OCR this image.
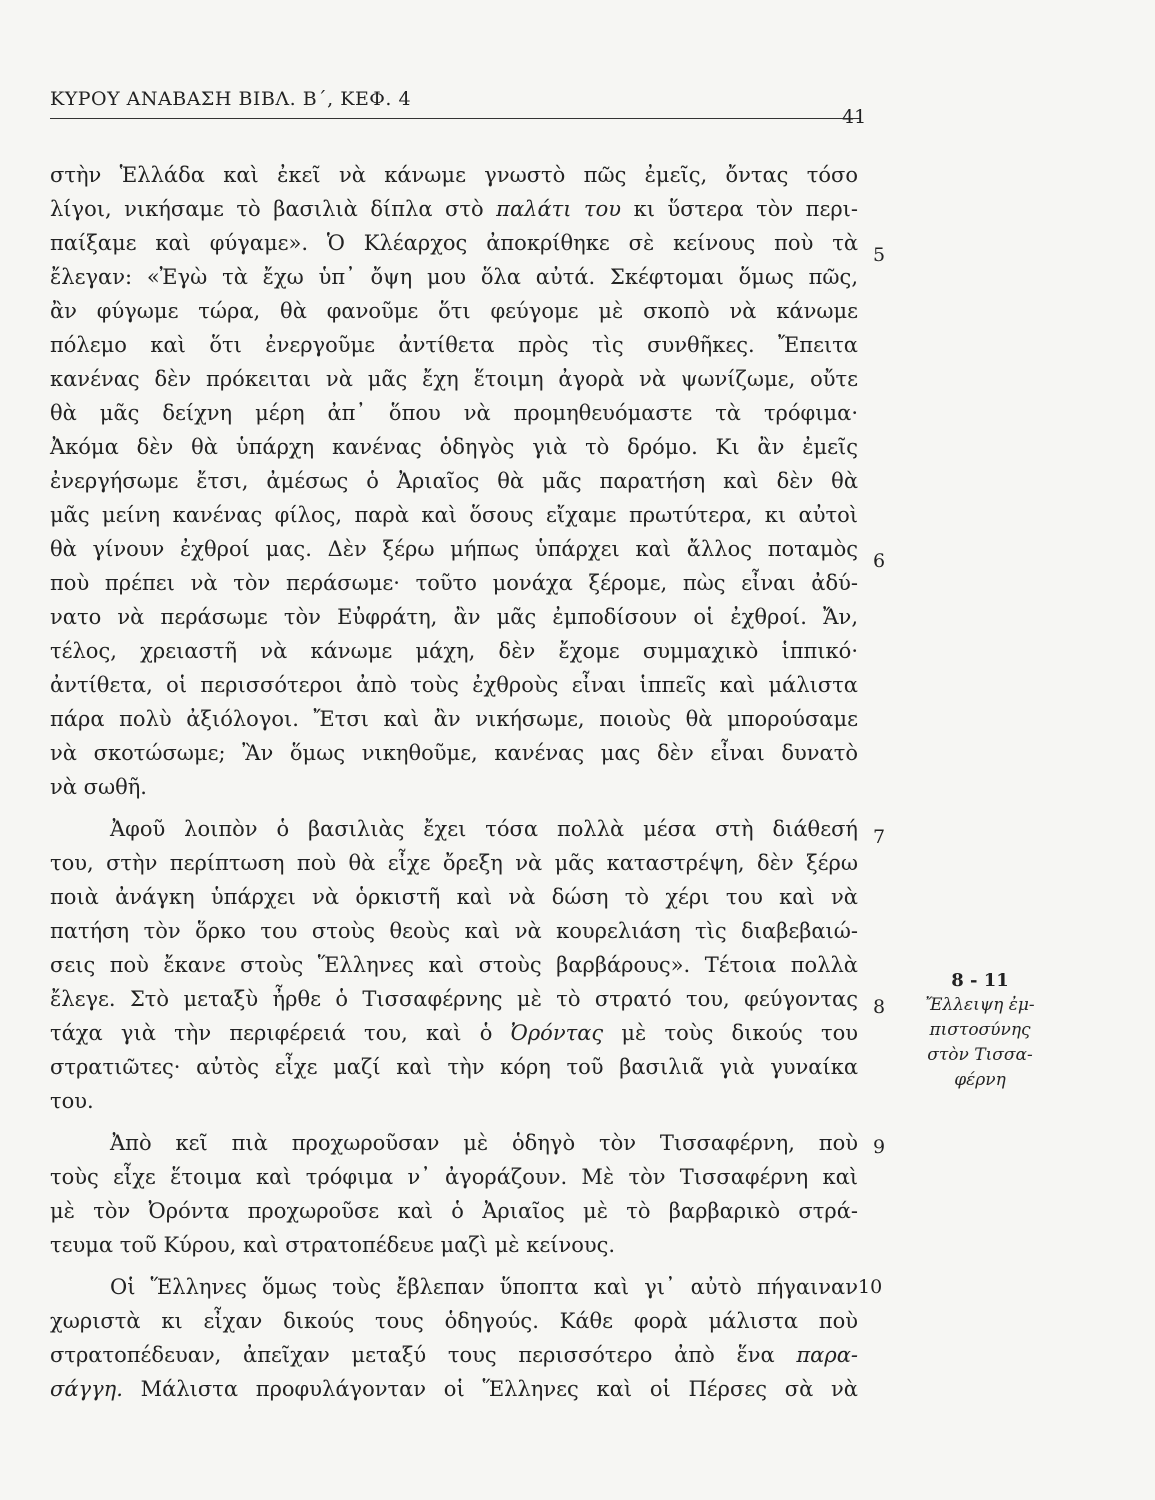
ΚΥΡΟΥ ΑΝΑΒΑΣΗ ΒΙΒΛ. Β΄, ΚΕΦ. 4
41
στὴν Ἑλλάδα καὶ ἐκεῖ νὰ κάνωμε γνωστὸ πῶς ἐμεῖς, ὄντας τόσο
λίγοι, νικήσαμε τὸ βασιλιὰ δίπλα στὸ παλάτι του κι ὕστερα τὸν περι-
παίξαμε καὶ φύγαμε». Ὁ Κλέαρχος ἀποκρίθηκε σὲ κείνους ποὺ τὰ
ἔλεγαν: «Ἐγὼ τὰ ἔχω ὑπ᾽ ὄψη μου ὅλα αὐτά. Σκέφτομαι ὅμως πῶς,
ἂν φύγωμε τώρα, θὰ φανοῦμε ὅτι φεύγομε μὲ σκοπὸ νὰ κάνωμε
πόλεμο καὶ ὅτι ἐνεργοῦμε ἀντίθετα πρὸς τὶς συνθῆκες. Ἔπειτα
κανένας δὲν πρόκειται νὰ μᾶς ἔχη ἕτοιμη ἀγορὰ νὰ ψωνίζωμε, οὔτε
θὰ μᾶς δείχνη μέρη ἀπ᾽ ὅπου νὰ προμηθευόμαστε τὰ τρόφιμα·
Ἀκόμα δὲν θὰ ὑπάρχη κανένας ὁδηγὸς γιὰ τὸ δρόμο. Κι ἂν ἐμεῖς
ἐνεργήσωμε ἔτσι, ἀμέσως ὁ Ἀριαῖος θὰ μᾶς παρατήση καὶ δὲν θὰ
μᾶς μείνη κανένας φίλος, παρὰ καὶ ὅσους εἴχαμε πρωτύτερα, κι αὐτοὶ
θὰ γίνουν ἐχθροί μας. Δὲν ξέρω μήπως ὑπάρχει καὶ ἄλλος ποταμὸς
ποὺ πρέπει νὰ τὸν περάσωμε· τοῦτο μονάχα ξέρομε, πὼς εἶναι ἀδύ-
νατο νὰ περάσωμε τὸν Εὐφράτη, ἂν μᾶς ἐμποδίσουν οἱ ἐχθροί. Ἄν,
τέλος, χρειαστῆ νὰ κάνωμε μάχη, δὲν ἔχομε συμμαχικὸ ἱππικό·
ἀντίθετα, οἱ περισσότεροι ἀπὸ τοὺς ἐχθροὺς εἶναι ἱππεῖς καὶ μάλιστα
πάρα πολὺ ἀξιόλογοι. Ἔτσι καὶ ἂν νικήσωμε, ποιοὺς θὰ μπορούσαμε
νὰ σκοτώσωμε; Ἂν ὅμως νικηθοῦμε, κανένας μας δὲν εἶναι δυνατὸ
νὰ σωθῆ.
Ἀφοῦ λοιπὸν ὁ βασιλιὰς ἔχει τόσα πολλὰ μέσα στὴ διάθεσή
του, στὴν περίπτωση ποὺ θὰ εἶχε ὄρεξη νὰ μᾶς καταστρέψη, δὲν ξέρω
ποιὰ ἀνάγκη ὑπάρχει νὰ ὁρκιστῆ καὶ νὰ δώση τὸ χέρι του καὶ νὰ
πατήση τὸν ὅρκο του στοὺς θεοὺς καὶ νὰ κουρελιάση τὶς διαβεβαιώ-
σεις ποὺ ἔκανε στοὺς Ἕλληνες καὶ στοὺς βαρβάρους». Τέτοια πολλὰ
ἔλεγε. Στὸ μεταξὺ ἦρθε ὁ Τισσαφέρνης μὲ τὸ στρατό του, φεύγοντας
τάχα γιὰ τὴν περιφέρειά του, καὶ ὁ Ὀρόντας μὲ τοὺς δικούς του
στρατιῶτες· αὐτὸς εἶχε μαζί καὶ τὴν κόρη τοῦ βασιλιᾶ γιὰ γυναίκα
του.
Ἀπὸ κεῖ πιὰ προχωροῦσαν μὲ ὁδηγὸ τὸν Τισσαφέρνη, ποὺ
τοὺς εἶχε ἕτοιμα καὶ τρόφιμα ν᾽ ἀγοράζουν. Μὲ τὸν Τισσαφέρνη καὶ
μὲ τὸν Ὀρόντα προχωροῦσε καὶ ὁ Ἀριαῖος μὲ τὸ βαρβαρικὸ στρά-
τευμα τοῦ Κύρου, καὶ στρατοπέδευε μαζὶ μὲ κείνους.
Οἱ Ἕλληνες ὅμως τοὺς ἔβλεπαν ὕποπτα καὶ γι᾽ αὐτὸ πήγαιναν
χωριστὰ κι εἶχαν δικούς τους ὁδηγούς. Κάθε φορὰ μάλιστα ποὺ
στρατοπέδευαν, ἀπεῖχαν μεταξύ τους περισσότερο ἀπὸ ἕνα παρα-
σάγγη. Μάλιστα προφυλάγονταν οἱ Ἕλληνες καὶ οἱ Πέρσες σὰ νὰ
5
6
7
8
9
10
8 - 11
Ἔλλειψη ἐμ-
πιστοσύνης
στὸν Τισσα-
φέρνη
